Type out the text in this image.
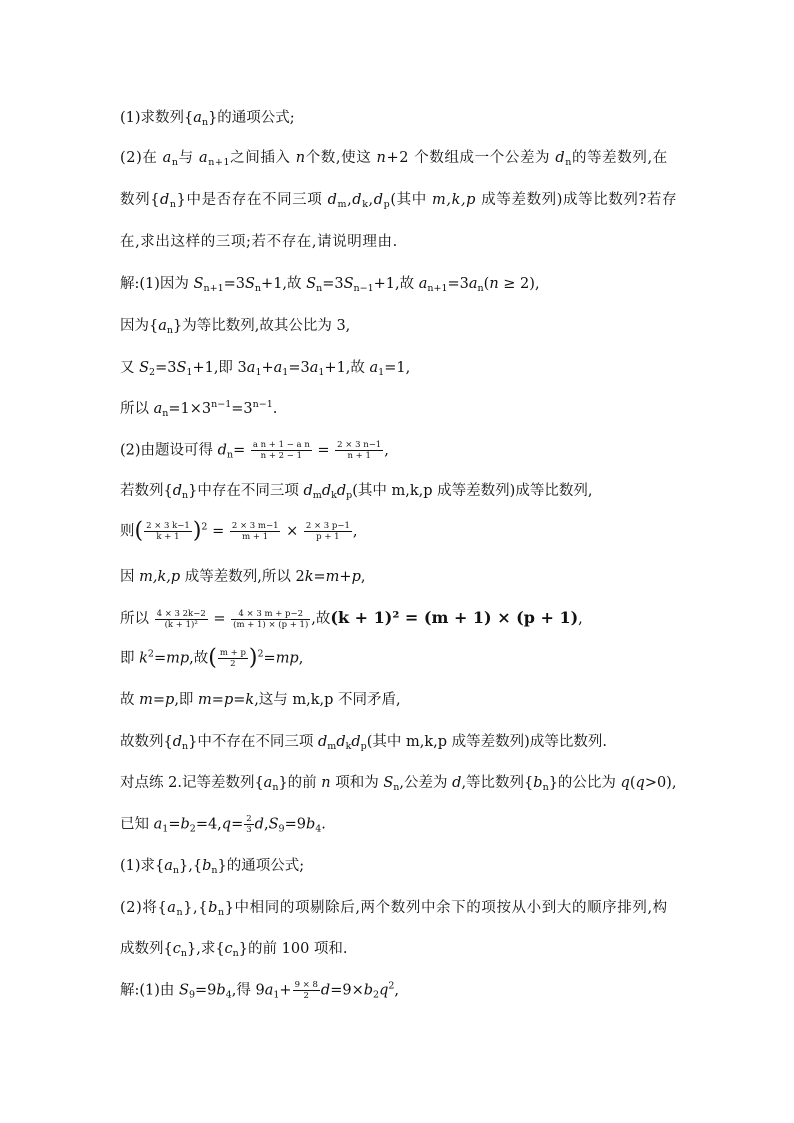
(1)求数列$\{a_n\}$的通项公式;
(2)在 $a_n$与 $a_{n+1}$之间插入 n个数,使这 n+2 个数组成一个公差为 $d_n$的等差数列,在
数列$\{d_n\}$中是否存在不同三项 $d_m,d_k,d_p$(其中 m,k,p 成等差数列)成等比数列?若存
在,求出这样的三项;若不存在,请说明理由.
解:(1)因为 $S_{n+1}=3S_n+1$,故 $S_n=3S_{n-1}+1$,故 $a_{n+1}=3a_n(n \ge 2)$,
因为$\{a_n\}$为等比数列,故其公比为 3,
又 $S_2=3S_1+1$,即 $3a_1+a_1=3a_1+1$,故 $a_1=1$,
所以 $a_n=1\times 3^{n-1}=3^{n-1}$.
(2)由题设可得 $d_n= \frac{\text{a n + 1 − a n}}{n + 2 - 1} = \frac{2 \times 3 n-1}{n + 1}$ ,
若数列$\{d_n\}$中存在不同三项 $d_md_kd_p$(其中 m,k,p 成等差数列)成等比数列,
则( $\frac{2 \times 3 k-1}{k + 1} )^2 = \frac{2 \times 3 m-1}{m + 1} \times \frac{2 \times 3 p-1}{p + 1}$ ,
因 m,k,p 成等差数列,所以 2k=m+p,
所以 $\frac{4 \times 3 2k-2}{\text{(k + 1)²}} = \frac{4 \times 3 m + p-2}{(m + 1) \times (p + 1)}$ ,故(k + 1)² = (m + 1) × (p + 1),
即 $k^2=mp$,故( $\frac{m + p}{2} )^2=mp$,
故 m=p,即 m=p=k,这与 m,k,p 不同矛盾,
故数列$\{d_n\}$中不存在不同三项 $d_md_kd_p$(其中 m,k,p 成等差数列)成等比数列.
对点练 2.记等差数列$\{a_n\}$的前 n 项和为 $S_n$,公差为 d,等比数列$\{b_n\}$的公比为 q(q>0),
已知 $a_1=b_2=4,q= \frac{2}{3} d,S_9=9b_4$.
(1)求$\{a_n\},\{b_n\}$的通项公式;
(2)将$\{a_n\},\{b_n\}$中相同的项剔除后,两个数列中余下的项按从小到大的顺序排列,构
成数列$\{c_n\}$,求$\{c_n\}$的前 100 项和.
解:(1)由 $S_9=9b_4$,得 $9a_1+ \frac{9 \times 8}{2} d=9\times b_2q^2$,
